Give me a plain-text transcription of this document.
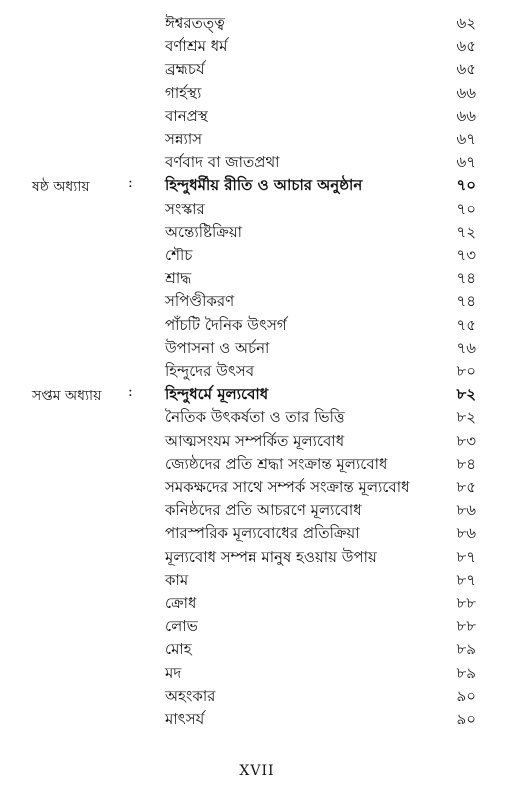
ঈশ্বরতত্ত্ব	৬২
বর্ণাশ্রম ধর্ম	৬৫
ব্রহ্মচর্য	৬৫
গার্হস্থ্য	৬৬
বানপ্রস্থ	৬৬
সন্ন্যাস	৬৭
বর্ণবাদ বা জাতপ্রথা	৬৭
ষষ্ঠ অধ্যায়	: হিন্দুধর্মীয় রীতি ও আচার অনুষ্ঠান	৭০
সংস্কার	৭০
অন্ত্যেষ্টিক্রিয়া	৭২
শৌচ	৭৩
শ্রাদ্ধ	৭৪
সপিণ্ডীকরণ	৭৪
পাঁচটি দৈনিক উৎসর্গ	৭৫
উপাসনা ও অর্চনা	৭৬
হিন্দুদের উৎসব	৮০
সপ্তম অধ্যায় : হিন্দুধর্মে মূল্যবোধ	৮২
নৈতিক উৎকর্ষতা ও তার ভিত্তি	৮২
আত্মসংযম সম্পর্কিত মূল্যবোধ	৮৩
জ্যেষ্ঠদের প্রতি শ্রদ্ধা সংক্রান্ত মূল্যবোধ	৮৪
সমকক্ষদের সাথে সম্পর্ক সংক্রান্ত মূল্যবোধ	৮৫
কনিষ্ঠদের প্রতি আচরণে মূল্যবোধ	৮৬
পারস্পরিক মূল্যবোধের প্রতিক্রিয়া	৮৬
মূল্যবোধ সম্পন্ন মানুষ হওয়ায় উপায়	৮৭
কাম	৮৭
ক্রোধ	৮৮
লোভ	৮৮
মোহ	৮৯
মদ	৮৯
অহংকার	৯০
মাৎসর্য	৯০
XVII
